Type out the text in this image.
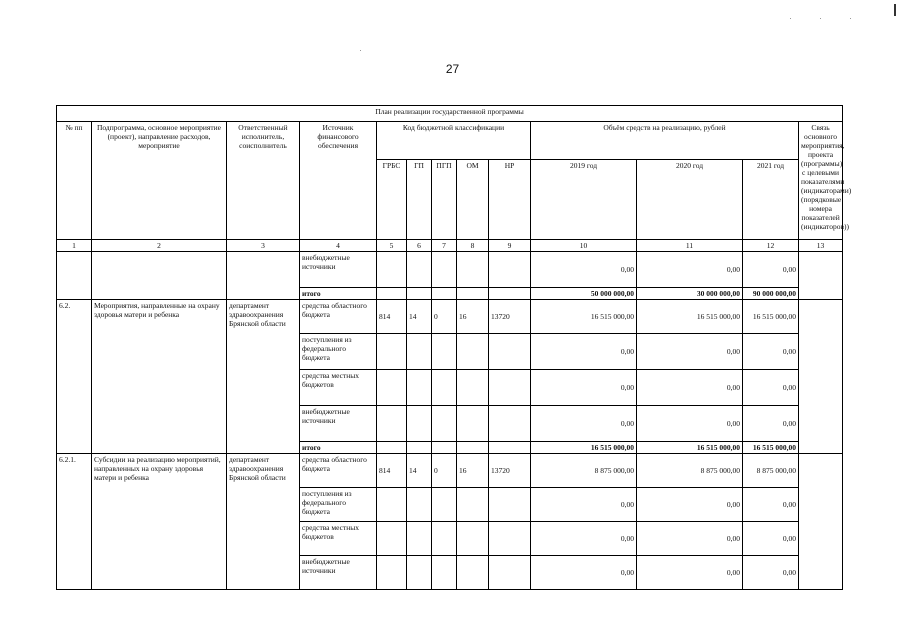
27
План реализации государственной программы												
№ пп	Подпрограмма, основное мероприятие (проект), направление расходов, мероприятие	Ответственный исполнитель, соисполнитель	Источник финансового обеспечения	Код бюджетной классификации					Объём средств на реализацию, рублей			Связь основного мероприятия, проекта (программы) с целевыми показателями (индикаторами) (порядковые номера показателей (индикаторов))
				ГРБС	ГП	ПГП	ОМ	НР	2019 год	2020 год	2021 год	
1	2	3	4	5	6	7	8	9	10	11	12	13
			внебюджетные источники						0,00	0,00	0,00	
			итого						50 000 000,00	30 000 000,00	90 000 000,00	
6.2.	Мероприятия, направленные на охрану здоровья матери и ребенка	департамент здравоохранения Брянской области	средства областного бюджета	814	14	0	16	13720	16 515 000,00	16 515 000,00	16 515 000,00	
			поступления из федерального бюджета						0,00	0,00	0,00	
			средства местных бюджетов						0,00	0,00	0,00	
			внебюджетные источники						0,00	0,00	0,00	
			итого						16 515 000,00	16 515 000,00	16 515 000,00	
6.2.1.	Субсидии на реализацию мероприятий, направленных на охрану здоровья матери и ребенка	департамент здравоохранения Брянской области	средства областного бюджета	814	14	0	16	13720	8 875 000,00	8 875 000,00	8 875 000,00	
			поступления из федерального бюджета						0,00	0,00	0,00	
			средства местных бюджетов						0,00	0,00	0,00	
			внебюджетные источники						0,00	0,00	0,00	
